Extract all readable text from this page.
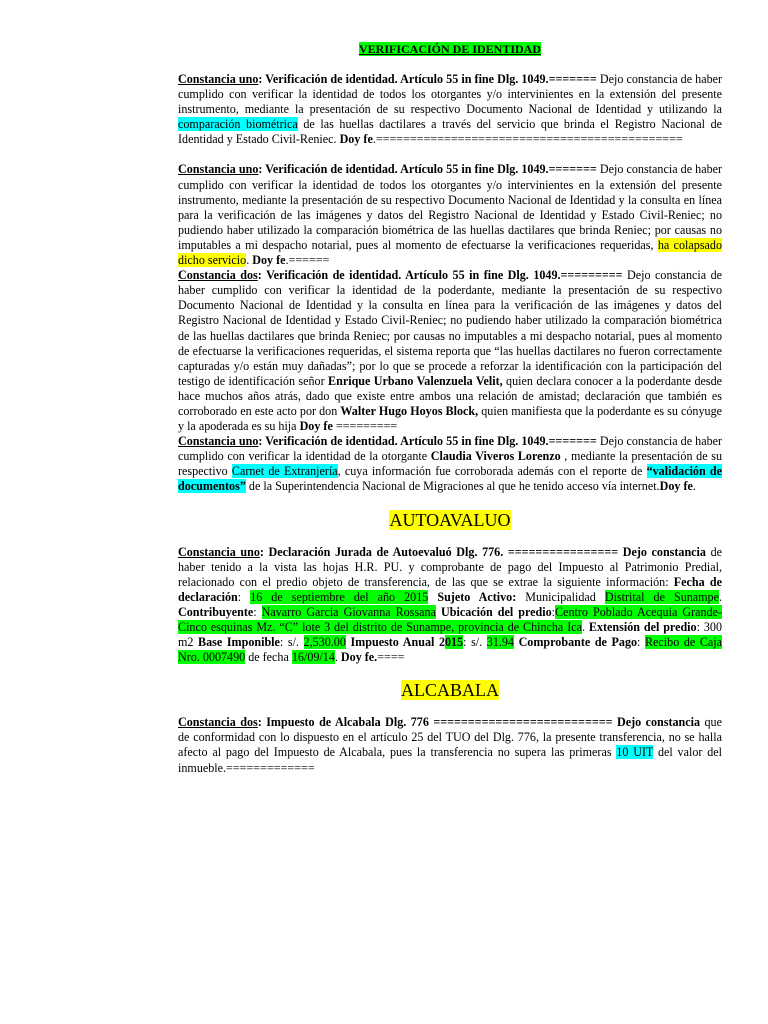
VERIFICACIÓN DE IDENTIDAD

Constancia uno: Verificación de identidad. Artículo 55 in fine Dlg. 1049.======= Dejo constancia de haber cumplido con verificar la identidad de todos los otorgantes y/o intervinientes en la extensión del presente instrumento, mediante la presentación de su respectivo Documento Nacional de Identidad y utilizando la comparación biométrica de las huellas dactilares a través del servicio que brinda el Registro Nacional de Identidad y Estado Civil-Reniec. Doy fe.=============================================

Constancia uno: Verificación de identidad. Artículo 55 in fine Dlg. 1049.======= Dejo constancia de haber cumplido con verificar la identidad de todos los otorgantes y/o intervinientes en la extensión del presente instrumento, mediante la presentación de su respectivo Documento Nacional de Identidad y la consulta en línea para la verificación de las imágenes y datos del Registro Nacional de Identidad y Estado Civil-Reniec; no pudiendo haber utilizado la comparación biométrica de las huellas dactilares que brinda Reniec; por causas no imputables a mi despacho notarial, pues al momento de efectuarse la verificaciones requeridas, ha colapsado dicho servicio. Doy fe.======

Constancia dos: Verificación de identidad. Artículo 55 in fine Dlg. 1049.========= Dejo constancia de haber cumplido con verificar la identidad de la poderdante, mediante la presentación de su respectivo Documento Nacional de Identidad y la consulta en línea para la verificación de las imágenes y datos del Registro Nacional de Identidad y Estado Civil-Reniec; no pudiendo haber utilizado la comparación biométrica de las huellas dactilares que brinda Reniec; por causas no imputables a mi despacho notarial, pues al momento de efectuarse la verificaciones requeridas, el sistema reporta que “las huellas dactilares no fueron correctamente capturadas y/o están muy dañadas”; por lo que se procede a reforzar la identificación con la participación del testigo de identificación señor Enrique Urbano Valenzuela Velit, quien declara conocer a la poderdante desde hace muchos años atrás, dado que existe entre ambos una relación de amistad; declaración que también es corroborado en este acto por don Walter Hugo Hoyos Block, quien manifiesta que la poderdante es su cónyuge y la apoderada es su hija Doy fe =========

Constancia uno: Verificación de identidad. Artículo 55 in fine Dlg. 1049.======= Dejo constancia de haber cumplido con verificar la identidad de la otorgante Claudia Viveros Lorenzo , mediante la presentación de su respectivo Carnet de Extranjería, cuya información fue corroborada además con el reporte de “validación de documentos” de la Superintendencia Nacional de Migraciones al que he tenido acceso vía internet.Doy fe.

AUTOAVALUO

Constancia uno: Declaración Jurada de Autoevaluó Dlg. 776. ================ Dejo constancia de haber tenido a la vista las hojas H.R. PU. y comprobante de pago del Impuesto al Patrimonio Predial, relacionado con el predio objeto de transferencia, de las que se extrae la siguiente información: Fecha de declaración: 16 de septiembre del año 2015 Sujeto Activo: Municipalidad Distrital de Sunampe. Contribuyente: Navarro Garcia Giovanna Rossana Ubicación del predio:Centro Poblado Acequia Grande-Cinco esquinas Mz. “C” lote 3 del distrito de Sunampe, provincia de Chincha Ica. Extensión del predio: 300 m2 Base Imponible: s/. 2,530.00 Impuesto Anual 2015: s/. 31.94 Comprobante de Pago: Recibo de Caja Nro. 0007490 de fecha 16/09/14. Doy fe.====

ALCABALA

Constancia dos: Impuesto de Alcabala Dlg. 776 ========================== Dejo constancia que de conformidad con lo dispuesto en el artículo 25 del TUO del Dlg. 776, la presente transferencia, no se halla afecto al pago del Impuesto de Alcabala, pues la transferencia no supera las primeras 10 UIT del valor del inmueble.=============
